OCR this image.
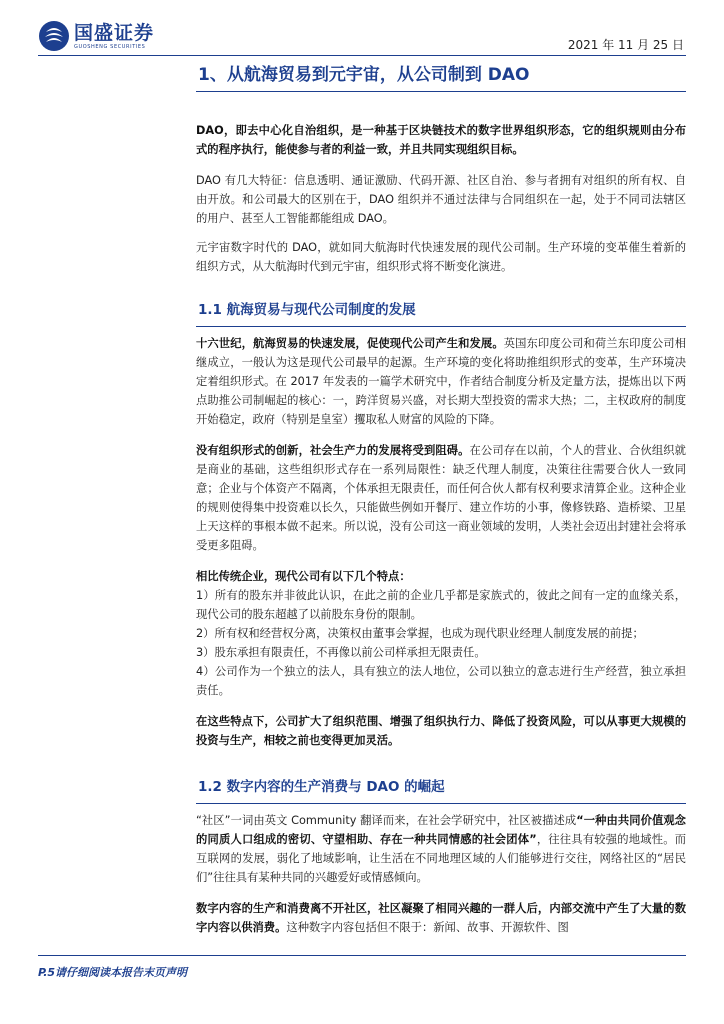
国盛证券
GUOSHENG SECURITIES	2021 年 11 月 25 日
1、从航海贸易到元宇宙，从公司制到 DAO

DAO，即去中心化自治组织，是一种基于区块链技术的数字世界组织形态，它的组织规则由分布式的程序执行，能使参与者的利益一致，并且共同实现组织目标。

DAO 有几大特征：信息透明、通证激励、代码开源、社区自治、参与者拥有对组织的所有权、自由开放。和公司最大的区别在于，DAO 组织并不通过法律与合同组织在一起，处于不同司法辖区的用户、甚至人工智能都能组成 DAO。

元宇宙数字时代的 DAO，就如同大航海时代快速发展的现代公司制。生产环境的变革催生着新的组织方式，从大航海时代到元宇宙，组织形式将不断变化演进。

1.1 航海贸易与现代公司制度的发展

十六世纪，航海贸易的快速发展，促使现代公司产生和发展。英国东印度公司和荷兰东印度公司相继成立，一般认为这是现代公司最早的起源。生产环境的变化将助推组织形式的变革，生产环境决定着组织形式。在 2017 年发表的一篇学术研究中，作者结合制度分析及定量方法，提炼出以下两点助推公司制崛起的核心：一，跨洋贸易兴盛，对长期大型投资的需求大热；二，主权政府的制度开始稳定，政府（特别是皇室）攫取私人财富的风险的下降。

没有组织形式的创新，社会生产力的发展将受到阻碍。在公司存在以前，个人的营业、合伙组织就是商业的基础，这些组织形式存在一系列局限性：缺乏代理人制度，决策往往需要合伙人一致同意；企业与个体资产不隔离，个体承担无限责任，而任何合伙人都有权利要求清算企业。这种企业的规则使得集中投资难以长久，只能做些例如开餐厅、建立作坊的小事，像修铁路、造桥梁、卫星上天这样的事根本做不起来。所以说，没有公司这一商业领域的发明，人类社会迈出封建社会将承受更多阻碍。

相比传统企业，现代公司有以下几个特点：

1）所有的股东并非彼此认识，在此之前的企业几乎都是家族式的，彼此之间有一定的血缘关系，现代公司的股东超越了以前股东身份的限制。

2）所有权和经营权分离，决策权由董事会掌握，也成为现代职业经理人制度发展的前提；

3）股东承担有限责任，不再像以前公司样承担无限责任。

4）公司作为一个独立的法人，具有独立的法人地位，公司以独立的意志进行生产经营，独立承担责任。

在这些特点下，公司扩大了组织范围、增强了组织执行力、降低了投资风险，可以从事更大规模的投资与生产，相较之前也变得更加灵活。

1.2 数字内容的生产消费与 DAO 的崛起

“社区”一词由英文 Community 翻译而来，在社会学研究中，社区被描述成“一种由共同价值观念的同质人口组成的密切、守望相助、存在一种共同情感的社会团体”，往往具有较强的地域性。而互联网的发展，弱化了地域影响，让生活在不同地理区域的人们能够进行交往，网络社区的“居民们”往往具有某种共同的兴趣爱好或情感倾向。

数字内容的生产和消费离不开社区，社区凝聚了相同兴趣的一群人后，内部交流中产生了大量的数字内容以供消费。这种数字内容包括但不限于：新闻、故事、开源软件、图

P.5请仔细阅读本报告末页声明
